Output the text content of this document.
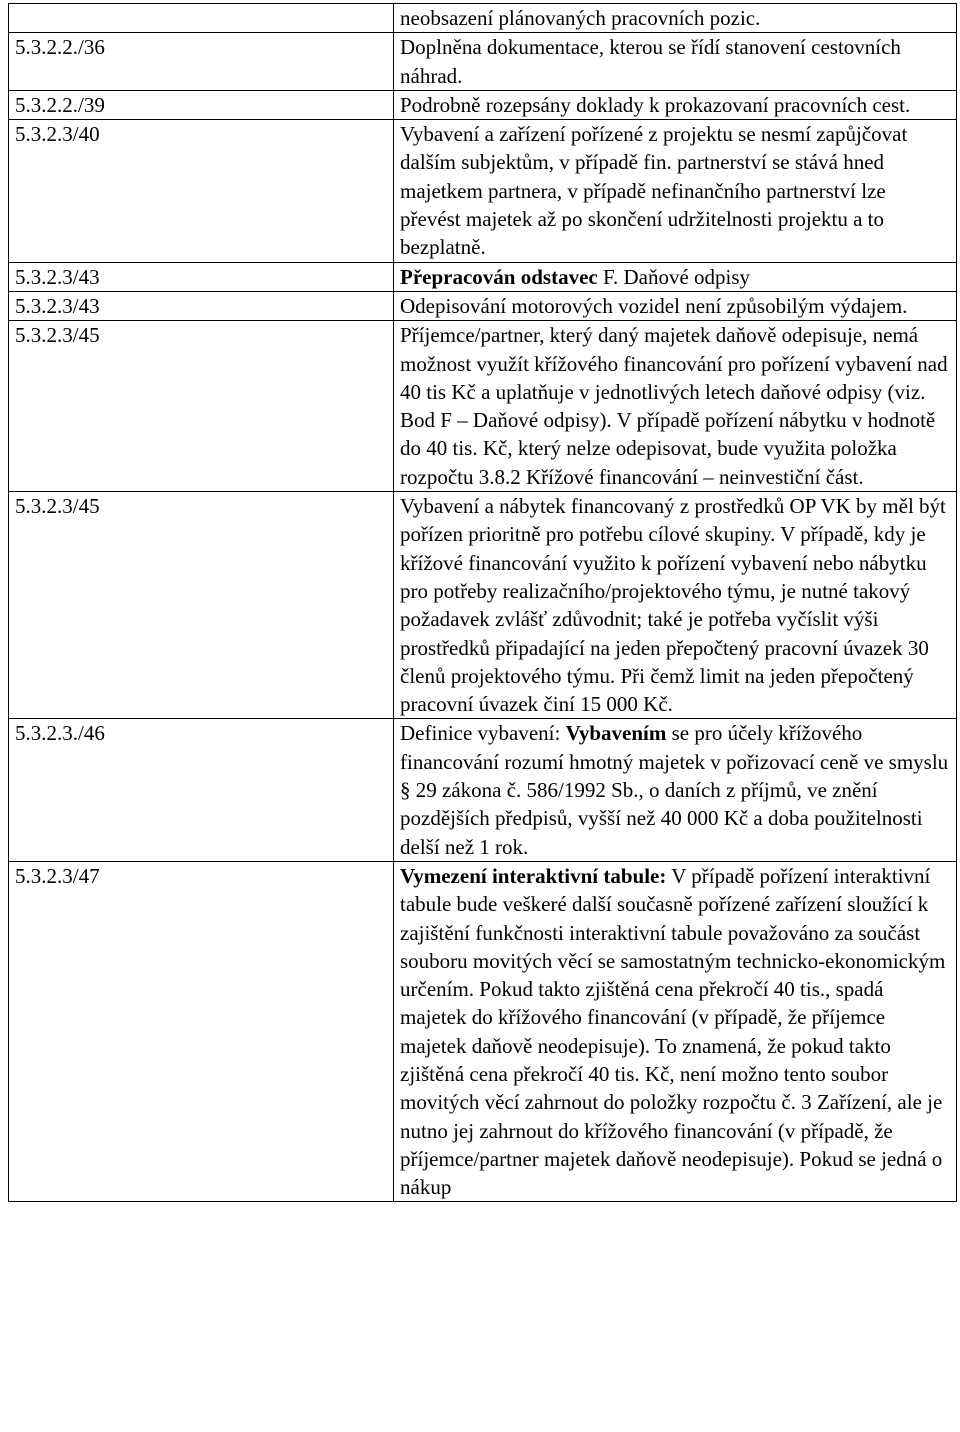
	neobsazení plánovaných pracovních pozic.
5.3.2.2./36	Doplněna dokumentace, kterou se řídí stanovení cestovních náhrad.
5.3.2.2./39	Podrobně rozepsány doklady k prokazovaní pracovních cest.
5.3.2.3/40	Vybavení a zařízení pořízené z projektu se nesmí zapůjčovat dalším subjektům, v případě fin. partnerství se stává hned majetkem partnera, v případě nefinančního partnerství lze převést majetek až po skončení udržitelnosti projektu a to bezplatně.
5.3.2.3/43	Přepracován odstavec F. Daňové odpisy
5.3.2.3/43	Odepisování motorových vozidel není způsobilým výdajem.
5.3.2.3/45	Příjemce/partner, který daný majetek daňově odepisuje, nemá možnost využít křížového financování pro pořízení vybavení nad 40 tis Kč a uplatňuje v jednotlivých letech daňové odpisy (viz. Bod F – Daňové odpisy). V případě pořízení nábytku v hodnotě do 40 tis. Kč, který nelze odepisovat, bude využita položka rozpočtu 3.8.2 Křížové financování – neinvestiční část.
5.3.2.3/45	Vybavení a nábytek financovaný z prostředků OP VK by měl být pořízen prioritně pro potřebu cílové skupiny. V případě, kdy je křížové financování využito k pořízení vybavení nebo nábytku pro potřeby realizačního/projektového týmu, je nutné takový požadavek zvlášť zdůvodnit; také je potřeba vyčíslit výši prostředků připadající na jeden přepočtený pracovní úvazek 30 členů projektového týmu. Při čemž limit na jeden přepočtený pracovní úvazek činí 15 000 Kč.
5.3.2.3./46	Definice vybavení: Vybavením se pro účely křížového financování rozumí hmotný majetek v pořizovací ceně ve smyslu § 29 zákona č. 586/1992 Sb., o daních z příjmů, ve znění pozdějších předpisů, vyšší než 40 000 Kč a doba použitelnosti delší než 1 rok.
5.3.2.3/47	Vymezení interaktivní tabule: V případě pořízení interaktivní tabule bude veškeré další současně pořízené zařízení sloužící k zajištění funkčnosti interaktivní tabule považováno za součást souboru movitých věcí se samostatným technicko-ekonomickým určením. Pokud takto zjištěná cena překročí 40 tis., spadá majetek do křížového financování (v případě, že příjemce majetek daňově neodepisuje). To znamená, že pokud takto zjištěná cena překročí 40 tis. Kč, není možno tento soubor movitých věcí zahrnout do položky rozpočtu č. 3 Zařízení, ale je nutno jej zahrnout do křížového financování (v případě, že příjemce/partner majetek daňově neodepisuje). Pokud se jedná o nákup
